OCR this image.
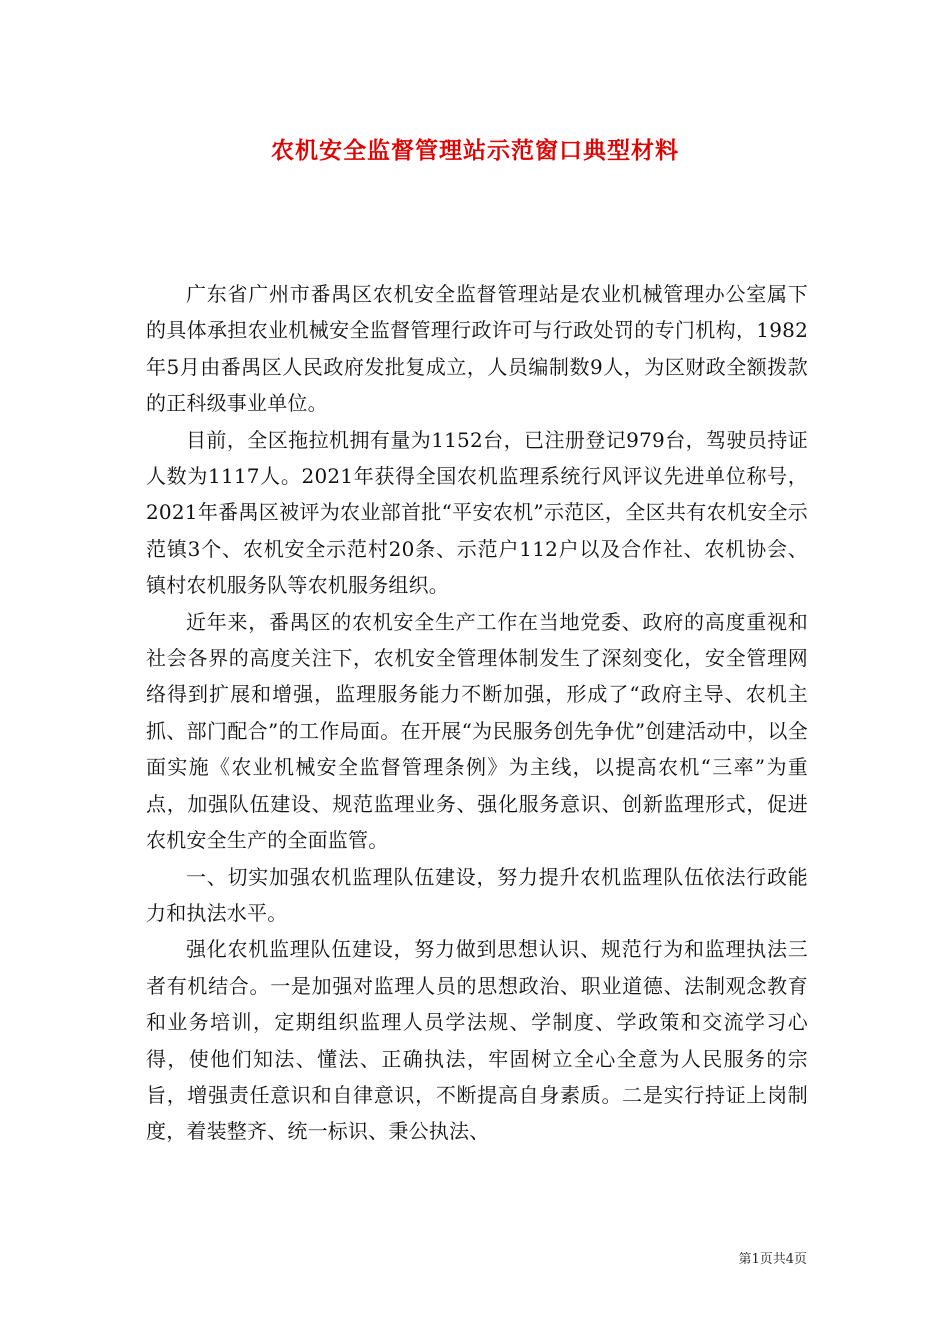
农机安全监督管理站示范窗口典型材料

广东省广州市番禺区农机安全监督管理站是农业机械管理办公室属下的具体承担农业机械安全监督管理行政许可与行政处罚的专门机构，1982年5月由番禺区人民政府发批复成立，人员编制数9人，为区财政全额拨款的正科级事业单位。

目前，全区拖拉机拥有量为1152台，已注册登记979台，驾驶员持证人数为1117人。2021年获得全国农机监理系统行风评议先进单位称号，2021年番禺区被评为农业部首批“平安农机”示范区，全区共有农机安全示范镇3个、农机安全示范村20条、示范户112户以及合作社、农机协会、镇村农机服务队等农机服务组织。

近年来，番禺区的农机安全生产工作在当地党委、政府的高度重视和社会各界的高度关注下，农机安全管理体制发生了深刻变化，安全管理网络得到扩展和增强，监理服务能力不断加强，形成了“政府主导、农机主抓、部门配合”的工作局面。在开展“为民服务创先争优”创建活动中，以全面实施《农业机械安全监督管理条例》为主线，以提高农机“三率”为重点，加强队伍建设、规范监理业务、强化服务意识、创新监理形式，促进农机安全生产的全面监管。

一、切实加强农机监理队伍建设，努力提升农机监理队伍依法行政能力和执法水平。

强化农机监理队伍建设，努力做到思想认识、规范行为和监理执法三者有机结合。一是加强对监理人员的思想政治、职业道德、法制观念教育和业务培训，定期组织监理人员学法规、学制度、学政策和交流学习心得，使他们知法、懂法、正确执法，牢固树立全心全意为人民服务的宗旨，增强责任意识和自律意识，不断提高自身素质。二是实行持证上岗制度，着装整齐、统一标识、秉公执法、

第1页共4页
